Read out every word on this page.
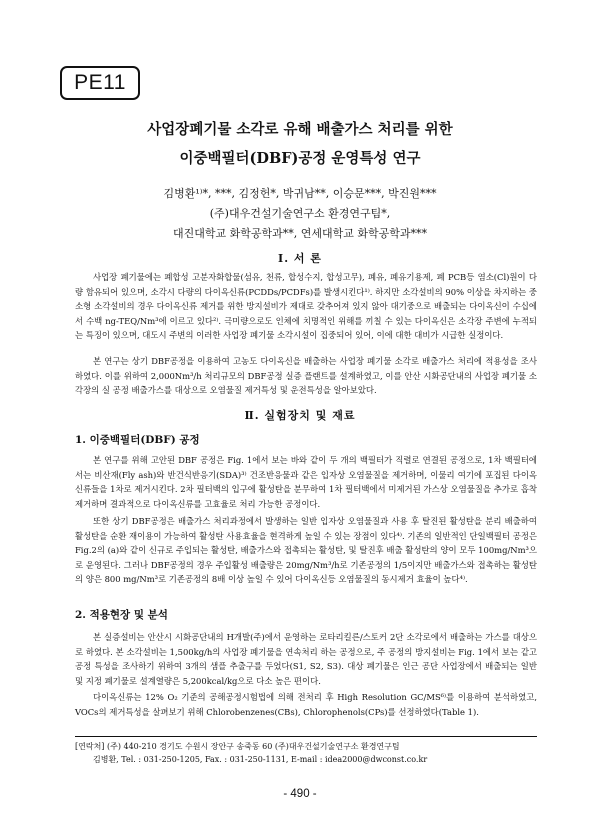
PE11
사업장폐기물 소각로 유해 배출가스 처리를 위한
이중백필터(DBF)공정 운영특성 연구
김병환¹⁾*, ***, 김정헌*, 박귀남**, 이승문***, 박진원***
(주)대우건설기술연구소 환경연구팀*,
대진대학교 화학공학과**, 연세대학교 화학공학과***
Ⅰ. 서 론

사업장 폐기물에는 폐합성 고분자화합물(섬유, 천류, 합성수지, 합성고무), 폐유, 폐유기용제, 폐 PCB등 염소(Cl)원이 다량 함유되어 있으며, 소각시 다량의 다이옥신류(PCDDs/PCDFs)를 발생시킨다¹⁾. 하지만 소각설비의 90% 이상을 차지하는 중소형 소각설비의 경우 다이옥신류 제거를 위한 방지설비가 제대로 갖추어져 있지 않아 대기중으로 배출되는 다이옥신이 수십에서 수백 ng-TEQ/Nm³에 이르고 있다²⁾. 극미량으로도 인체에 치명적인 위해를 끼칠 수 있는 다이옥신은 소각장 주변에 누적되는 특징이 있으며, 대도시 주변의 이러한 사업장 폐기물 소각시설이 집중되어 있어, 이에 대한 대비가 시급한 실정이다.

본 연구는 상기 DBF공정을 이용하여 고농도 다이옥신을 배출하는 사업장 폐기물 소각로 배출가스 처리에 적용성을 조사하였다. 이를 위하여 2,000Nm³/h 처리규모의 DBF공정 실증 플랜트를 설계하였고, 이를 안산 시화공단내의 사업장 폐기물 소각장의 실 공정 배출가스를 대상으로 오염물질 제거특성 및 운전특성을 알아보았다.

Ⅱ. 실험장치 및 재료
1. 이중백필터(DBF) 공정

본 연구를 위해 고안된 DBF 공정은 Fig. 1에서 보는 바와 같이 두 개의 백필터가 직렬로 연결된 공정으로, 1차 백필터에서는 비산재(Fly ash)와 반건식반응기(SDA)³⁾ 건조반응물과 같은 입자상 오염물질을 제거하며, 이물리 여기에 포집된 다이옥신류들을 1차로 제거시킨다. 2차 필터백의 입구에 활성탄을 분무하여 1차 필터백에서 미제거된 가스상 오염물질을 추가로 흡착 제거하며 결과적으로 다이옥신류를 고효율로 처리 가능한 공정이다.

또한 상기 DBF공정은 배출가스 처리과정에서 발생하는 일반 입자상 오염물질과 사용 후 탈진된 활성탄을 분리 배출하여 활성탄을 순환 재이용이 가능하여 활성탄 사용효율을 현격하게 높일 수 있는 장점이 있다⁴⁾. 기존의 일반적인 단일백필터 공정은 Fig.2의 (a)와 같이 신규로 주입되는 활성탄, 배출가스와 접촉되는 활성탄, 및 탈진후 배출 활성탄의 양이 모두 100mg/Nm³으로 운영된다. 그러나 DBF공정의 경우 주입활성 배출량은 20mg/Nm³/h로 기존공정의 1/5이지만 배출가스와 접촉하는 활성탄의 양은 800 mg/Nm³로 기존공정의 8배 이상 높일 수 있어 다이옥신등 오염물질의 동시제거 효율이 높다⁴⁾.

2. 적용현장 및 분석

본 실증설비는 안산시 시화공단내의 H개발(주)에서 운영하는 로타리킬른/스토커 2단 소각로에서 배출하는 가스를 대상으로 하였다. 본 소각설비는 1,500kg/h의 사업장 폐기물을 연속처리 하는 공정으로, 주 공정의 방지설비는 Fig. 1에서 보는 같고 공정 특성을 조사하기 위하여 3개의 샘플 추출구를 두었다(S1, S2, S3). 대상 폐기물은 인근 공단 사업장에서 배출되는 일반 및 지정 폐기물로 설계열량은 5,200kcal/kg으로 다소 높은 편이다.

다이옥신류는 12% O₂ 기준의 공해공정시험법에 의해 전처리 후 High Resolution GC/MS⁶⁾를 이용하여 분석하였고, VOCs의 제거특성을 살펴보기 위해 Chlorobenzenes(CBs), Chlorophenols(CPs)를 선정하였다(Table 1).

[연락처] (주) 440-210 경기도 수원시 장안구 송죽동 60 (주)대우건설기술연구소 환경연구팀
김병환, Tel. : 031-250-1205, Fax. : 031-250-1131, E-mail : idea2000@dwconst.co.kr
- 490 -
